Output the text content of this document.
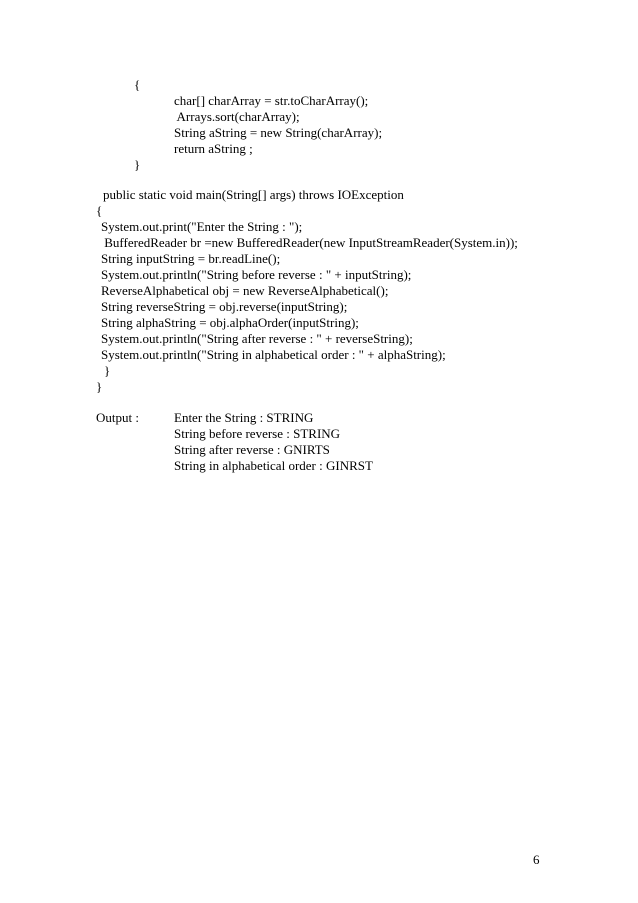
{
char[] charArray = str.toCharArray();
Arrays.sort(charArray);
String aString = new String(charArray);
return aString ;
}
public static void main(String[] args) throws IOException
{
System.out.print("Enter the String : ");
BufferedReader br =new BufferedReader(new InputStreamReader(System.in));
String inputString = br.readLine();
System.out.println("String before reverse : " + inputString);
ReverseAlphabetical obj = new ReverseAlphabetical();
String reverseString = obj.reverse(inputString);
String alphaString = obj.alphaOrder(inputString);
System.out.println("String after reverse : " + reverseString);
System.out.println("String in alphabetical order : " + alphaString);
}
}
Output :	Enter the String : STRING
String before reverse : STRING
String after reverse : GNIRTS
String in alphabetical order : GINRST
6
